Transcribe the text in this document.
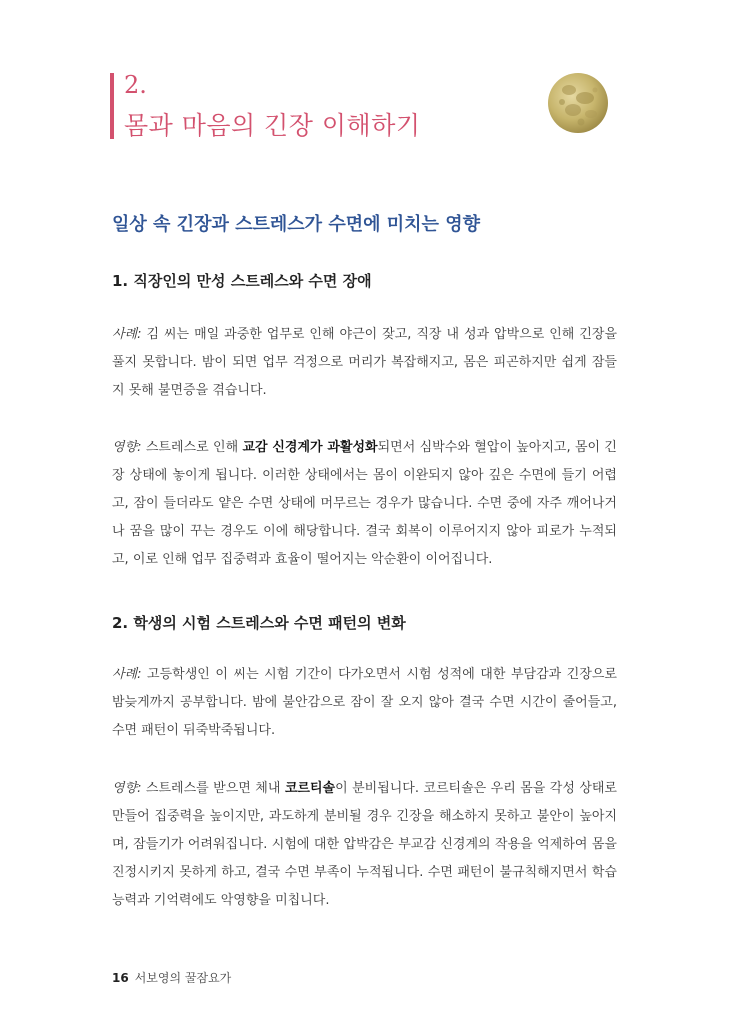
2.
몸과 마음의 긴장 이해하기
일상 속 긴장과 스트레스가 수면에 미치는 영향
1. 직장인의 만성 스트레스와 수면 장애

사례: 김 씨는 매일 과중한 업무로 인해 야근이 잦고, 직장 내 성과 압박으로 인해 긴장을 풀지 못합니다. 밤이 되면 업무 걱정으로 머리가 복잡해지고, 몸은 피곤하지만 쉽게 잠들지 못해 불면증을 겪습니다.

영향: 스트레스로 인해 교감 신경계가 과활성화되면서 심박수와 혈압이 높아지고, 몸이 긴장 상태에 놓이게 됩니다. 이러한 상태에서는 몸이 이완되지 않아 깊은 수면에 들기 어렵고, 잠이 들더라도 얕은 수면 상태에 머무르는 경우가 많습니다. 수면 중에 자주 깨어나거나 꿈을 많이 꾸는 경우도 이에 해당합니다. 결국 회복이 이루어지지 않아 피로가 누적되고, 이로 인해 업무 집중력과 효율이 떨어지는 악순환이 이어집니다.

2. 학생의 시험 스트레스와 수면 패턴의 변화

사례: 고등학생인 이 씨는 시험 기간이 다가오면서 시험 성적에 대한 부담감과 긴장으로 밤늦게까지 공부합니다. 밤에 불안감으로 잠이 잘 오지 않아 결국 수면 시간이 줄어들고, 수면 패턴이 뒤죽박죽됩니다.

영향: 스트레스를 받으면 체내 코르티솔이 분비됩니다. 코르티솔은 우리 몸을 각성 상태로 만들어 집중력을 높이지만, 과도하게 분비될 경우 긴장을 해소하지 못하고 불안이 높아지며, 잠들기가 어려워집니다. 시험에 대한 압박감은 부교감 신경계의 작용을 억제하여 몸을 진정시키지 못하게 하고, 결국 수면 부족이 누적됩니다. 수면 패턴이 불규칙해지면서 학습 능력과 기억력에도 악영향을 미칩니다.

16 서보영의 꿀잠요가
